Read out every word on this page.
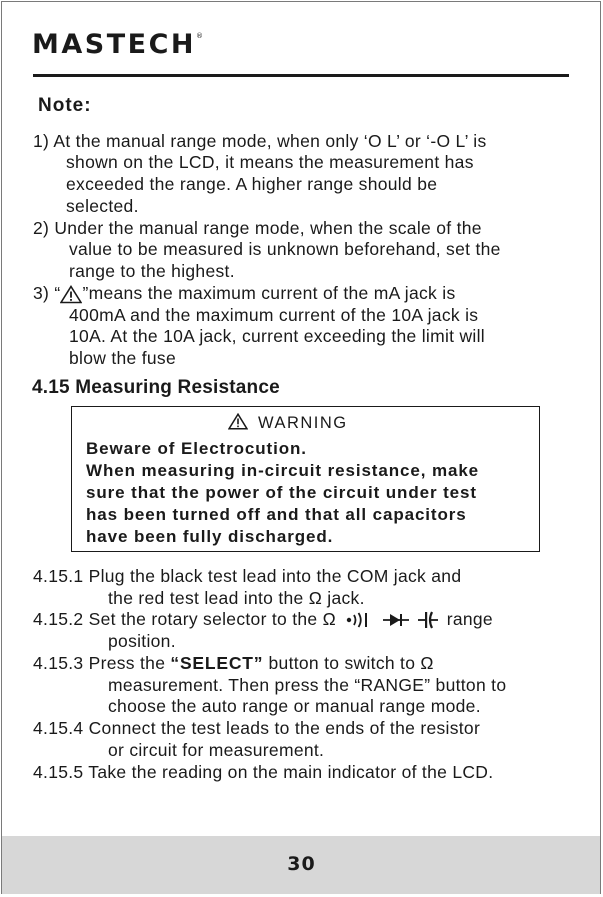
MASTECH®
Note:
1) At the manual range mode, when only ‘O L’ or ‘-O L’ is
shown on the LCD, it means the measurement has
exceeded the range. A higher range should be
selected.
2) Under the manual range mode, when the scale of the
value to be measured is unknown beforehand, set the
range to the highest.
3) “ ”means the maximum current of the mA jack is
400mA and the maximum current of the 10A jack is
10A. At the 10A jack, current exceeding the limit will
blow the fuse
4.15 Measuring Resistance
WARNING
Beware of Electrocution.
When measuring in-circuit resistance, make
sure that the power of the circuit under test
has been turned off and that all capacitors
have been fully discharged.
4.15.1 Plug the black test lead into the COM jack and
the red test lead into the Ω jack.
4.15.2 Set the rotary selector to the Ω	range
position.
4.15.3 Press the “SELECT” button to switch to Ω
measurement. Then press the “RANGE” button to
choose the auto range or manual range mode.
4.15.4 Connect the test leads to the ends of the resistor
or circuit for measurement.
4.15.5 Take the reading on the main indicator of the LCD.
30
